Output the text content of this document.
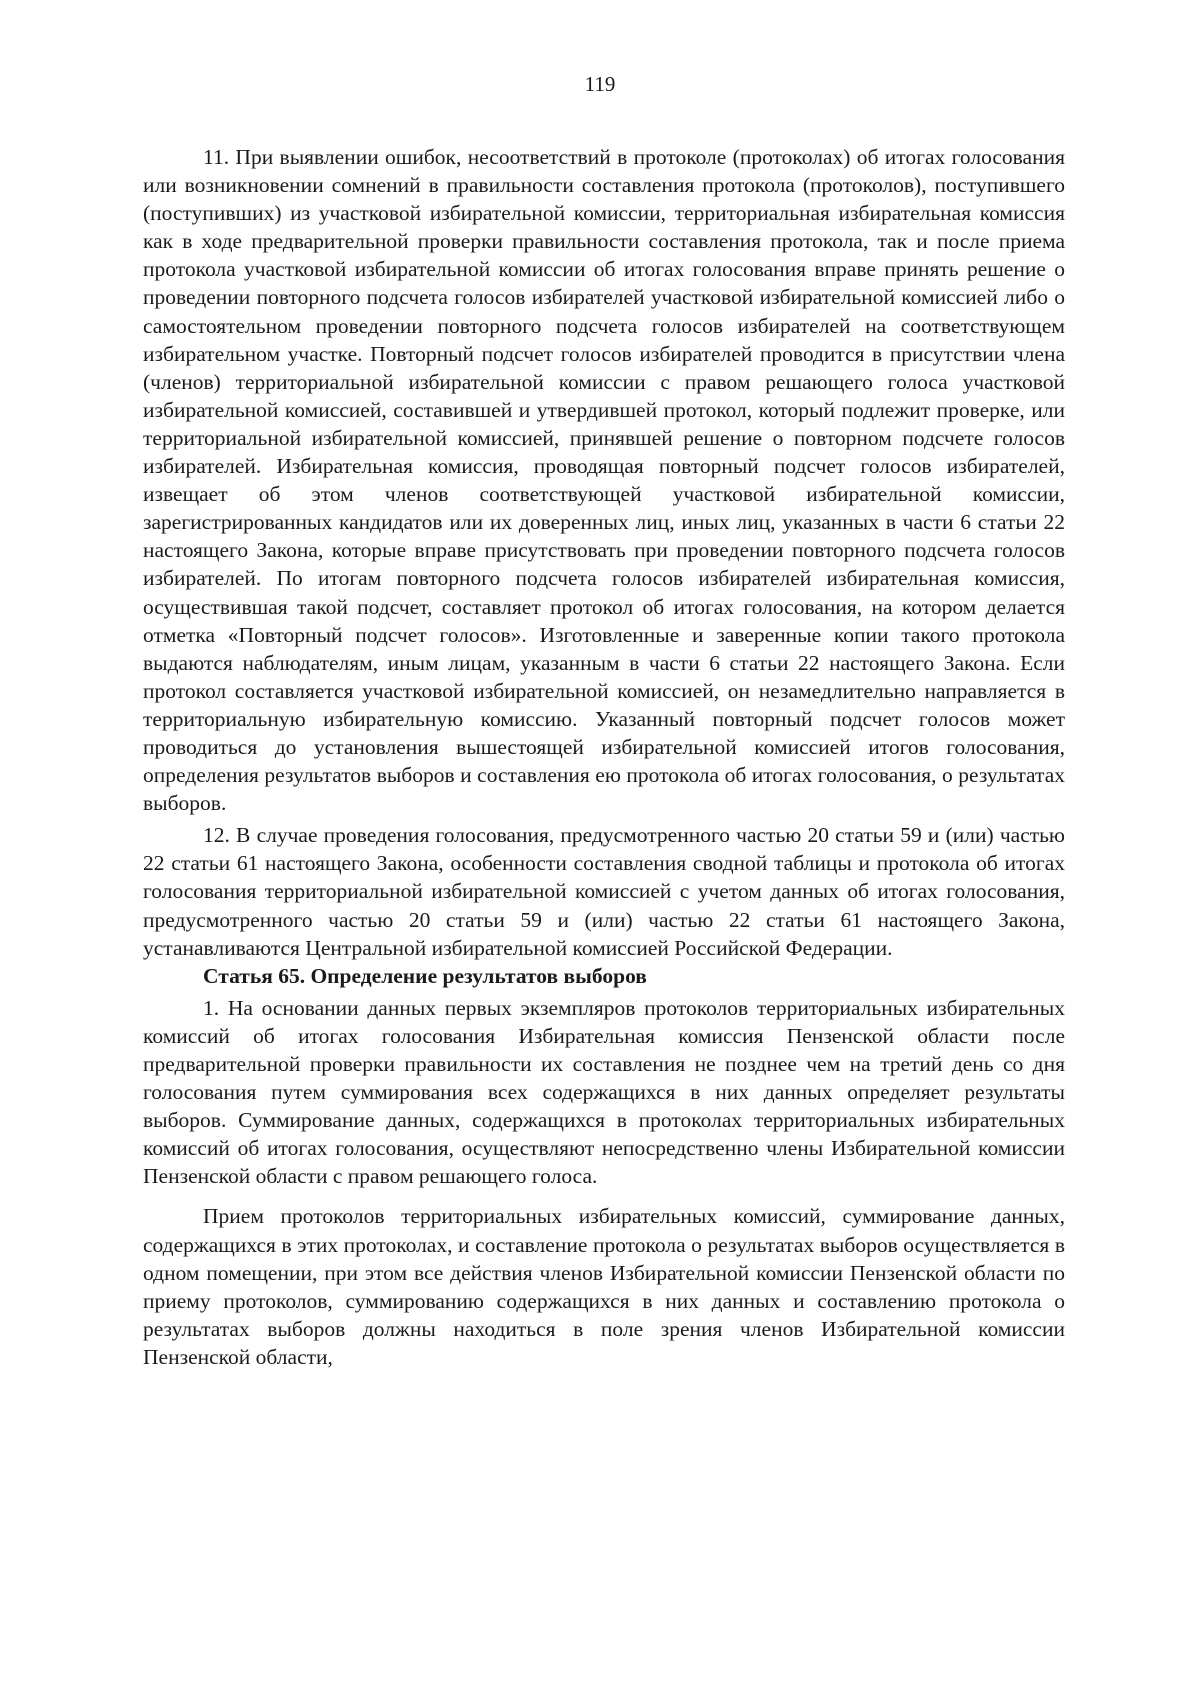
119

11. При выявлении ошибок, несоответствий в протоколе (протоколах) об итогах голосования или возникновении сомнений в правильности составления протокола (протоколов), поступившего (поступивших) из участковой избирательной комиссии, территориальная избирательная комиссия как в ходе предварительной проверки правильности составления протокола, так и после приема протокола участковой избирательной комиссии об итогах голосования вправе принять решение о проведении повторного подсчета голосов избирателей участковой избирательной комиссией либо о самостоятельном проведении повторного подсчета голосов избирателей на соответствующем избирательном участке. Повторный подсчет голосов избирателей проводится в присутствии члена (членов) территориальной избирательной комиссии с правом решающего голоса участковой избирательной комиссией, составившей и утвердившей протокол, который подлежит проверке, или территориальной избирательной комиссией, принявшей решение о повторном подсчете голосов избирателей. Избирательная комиссия, проводящая повторный подсчет голосов избирателей, извещает об этом членов соответствующей участковой избирательной комиссии, зарегистрированных кандидатов или их доверенных лиц, иных лиц, указанных в части 6 статьи 22 настоящего Закона, которые вправе присутствовать при проведении повторного подсчета голосов избирателей. По итогам повторного подсчета голосов избирателей избирательная комиссия, осуществившая такой подсчет, составляет протокол об итогах голосования, на котором делается отметка «Повторный подсчет голосов». Изготовленные и заверенные копии такого протокола выдаются наблюдателям, иным лицам, указанным в части 6 статьи 22 настоящего Закона. Если протокол составляется участковой избирательной комиссией, он незамедлительно направляется в территориальную избирательную комиссию. Указанный повторный подсчет голосов может проводиться до установления вышестоящей избирательной комиссией итогов голосования, определения результатов выборов и составления ею протокола об итогах голосования, о результатах выборов.

12. В случае проведения голосования, предусмотренного частью 20 статьи 59 и (или) частью 22 статьи 61 настоящего Закона, особенности составления сводной таблицы и протокола об итогах голосования территориальной избирательной комиссией с учетом данных об итогах голосования, предусмотренного частью 20 статьи 59 и (или) частью 22 статьи 61 настоящего Закона, устанавливаются Центральной избирательной комиссией Российской Федерации.

Статья 65. Определение результатов выборов

1. На основании данных первых экземпляров протоколов территориальных избирательных комиссий об итогах голосования Избирательная комиссия Пензенской области после предварительной проверки правильности их составления не позднее чем на третий день со дня голосования путем суммирования всех содержащихся в них данных определяет результаты выборов. Суммирование данных, содержащихся в протоколах территориальных избирательных комиссий об итогах голосования, осуществляют непосредственно члены Избирательной комиссии Пензенской области с правом решающего голоса.

Прием протоколов территориальных избирательных комиссий, суммирование данных, содержащихся в этих протоколах, и составление протокола о результатах выборов осуществляется в одном помещении, при этом все действия членов Избирательной комиссии Пензенской области по приему протоколов, суммированию содержащихся в них данных и составлению протокола о результатах выборов должны находиться в поле зрения членов Избирательной комиссии Пензенской области,
